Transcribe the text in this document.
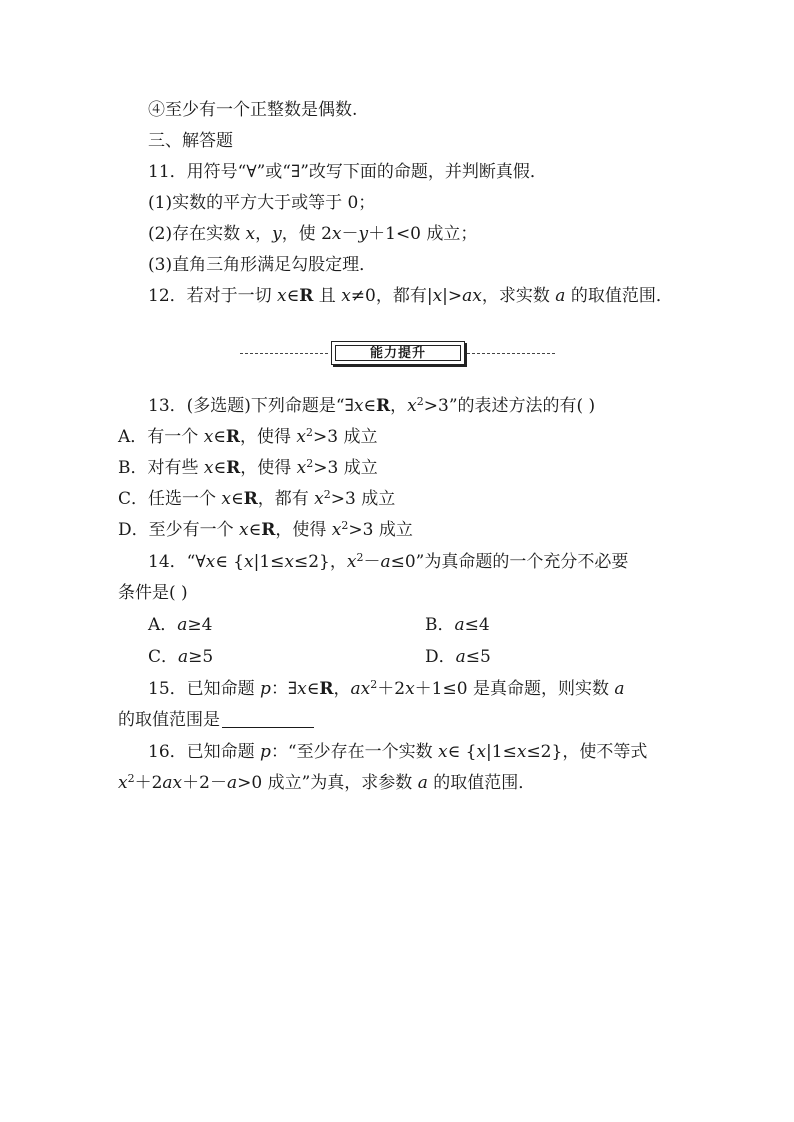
④至少有一个正整数是偶数.
三、解答题
11．用符号“∀”或“∃”改写下面的命题，并判断真假．
(1)实数的平方大于或等于 0；
(2)存在实数 x，y，使 2x－y＋1<0 成立；
(3)直角三角形满足勾股定理．
12．若对于一切 x∈R 且 x≠0，都有|x|>ax，求实数 a 的取值范围．
能力提升
13．(多选题)下列命题是“∃x∈R，$x^2>3$”的表述方法的有( )
A．有一个 x∈R，使得 $x^2>3$ 成立
B．对有些 x∈R，使得 $x^2>3$ 成立
C．任选一个 x∈R，都有 $x^2>3$ 成立
D．至少有一个 x∈R，使得 $x^2>3$ 成立
14．“∀x∈ {x|1≤x≤2}，$x^2-a\le 0$”为真命题的一个充分不必要
条件是( )
A．a≥4	B．a≤4
C．a≥5	D．a≤5
15．已知命题 p：∃x∈R，$ax^2+2x+1\le 0$ 是真命题，则实数 a
的取值范围是
16．已知命题 p：“至少存在一个实数 x∈ {x|1≤x≤2}，使不等式
$x^2+2ax+2-a>0$ 成立”为真，求参数 a 的取值范围．
